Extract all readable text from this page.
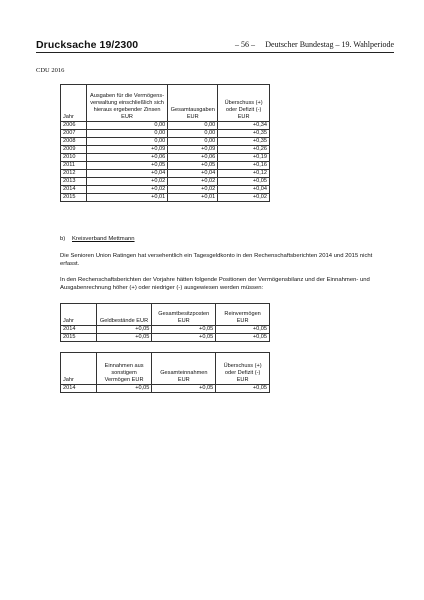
Drucksache 19/2300	– 56 – Deutscher Bundestag – 19. Wahlperiode
CDU 2016
Jahr	Ausgaben für die Vermögens-verwaltung einschließlich sich hieraus ergebender Zinsen EUR	Gesamtausgaben EUR	Überschuss (+) oder Defizit (-) EUR
2006	0,00	0,00	+0,34
2007	0,00	0,00	+0,35
2008	0,00	0,00	+0,35
2009	+0,09	+0,09	+0,26
2010	+0,06	+0,06	+0,19
2011	+0,05	+0,05	+0,16
2012	+0,04	+0,04	+0,12
2013	+0,02	+0,02	+0,05
2014	+0,02	+0,02	+0,04
2015	+0,01	+0,01	+0,02
b) Kreisverband Mettmann
Die Senioren Union Ratingen hat versehentlich ein Tagesgeldkonto in den Rechenschaftsberichten 2014 und 2015 nicht erfasst.
In den Rechenschaftsberichten der Vorjahre hätten folgende Positionen der Vermögensbilanz und der Einnahmen- und Ausgabenrechnung höher (+) oder niedriger (-) ausgewiesen werden müssen:
Jahr	Geldbestände EUR	Gesamtbesitzposten EUR	Reinvermögen EUR
2014	+0,05	+0,05	+0,05
2015	+0,05	+0,05	+0,05
Jahr	Einnahmen aus sonstigem Vermögen EUR	Gesamteinnahmen EUR	Überschuss (+) oder Defizit (-) EUR
2014	+0,05	+0,05	+0,05
